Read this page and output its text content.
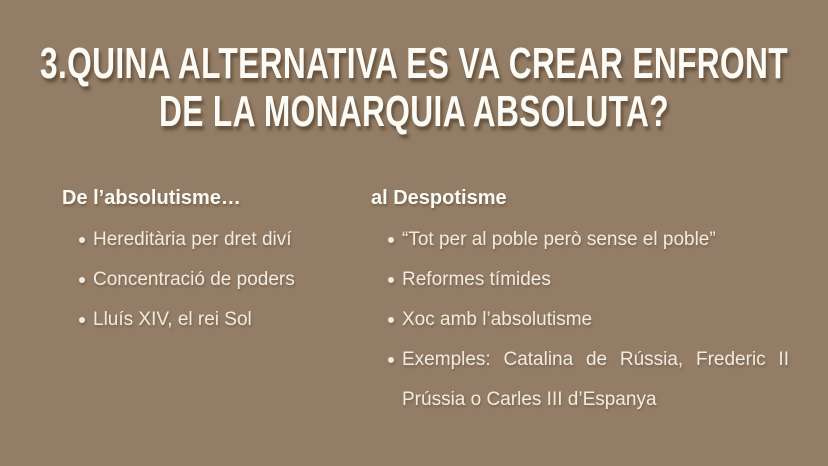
3.QUINA ALTERNATIVA ES VA CREAR ENFRONT
DE LA MONARQUIA ABSOLUTA?
De l’absolutisme…
Hereditària per dret diví
Concentració de poders
Lluís XIV, el rei Sol
al Despotisme
“Tot per al poble però sense el poble”
Reformes tímides
Xoc amb l’absolutisme
Exemples: Catalina de Rússia, Frederic II Prússia o Carles III d’Espanya
